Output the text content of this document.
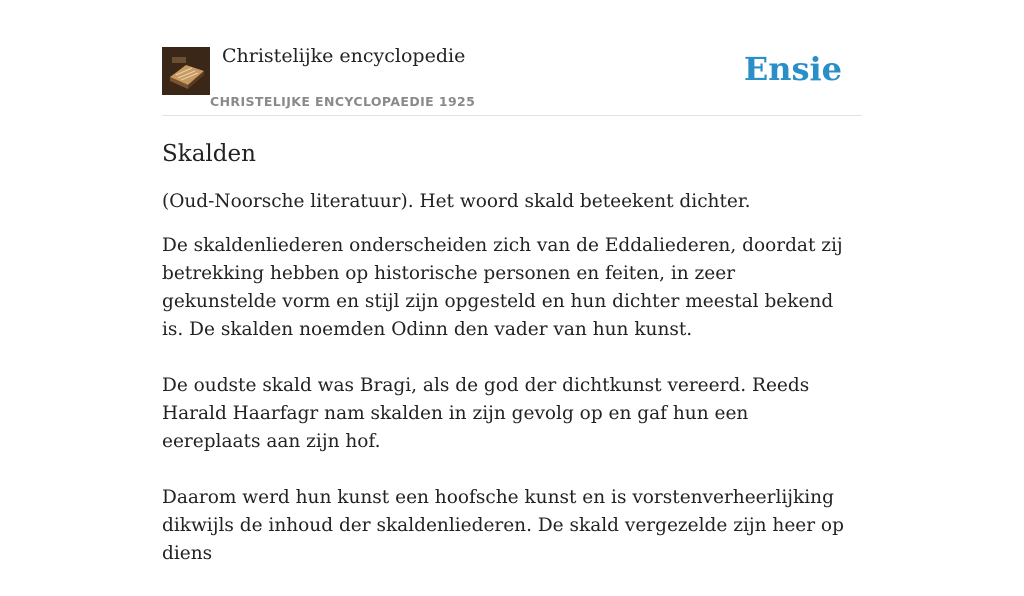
Christelijke encyclopedie
CHRISTELIJKE ENCYCLOPAEDIE 1925
Ensie
Skalden

(Oud-Noorsche literatuur). Het woord skald beteekent dichter.

De skaldenliederen onderscheiden zich van de Eddaliederen, doordat zij betrekking hebben op historische personen en feiten, in zeer gekunstelde vorm en stijl zijn opgesteld en hun dichter meestal bekend is. De skalden noemden Odinn den vader van hun kunst.

De oudste skald was Bragi, als de god der dichtkunst vereerd. Reeds Harald Haarfagr nam skalden in zijn gevolg op en gaf hun een eereplaats aan zijn hof.

Daarom werd hun kunst een hoofsche kunst en is vorstenverheerlijking dikwijls de inhoud der skaldenliederen. De skald vergezelde zijn heer op diens
